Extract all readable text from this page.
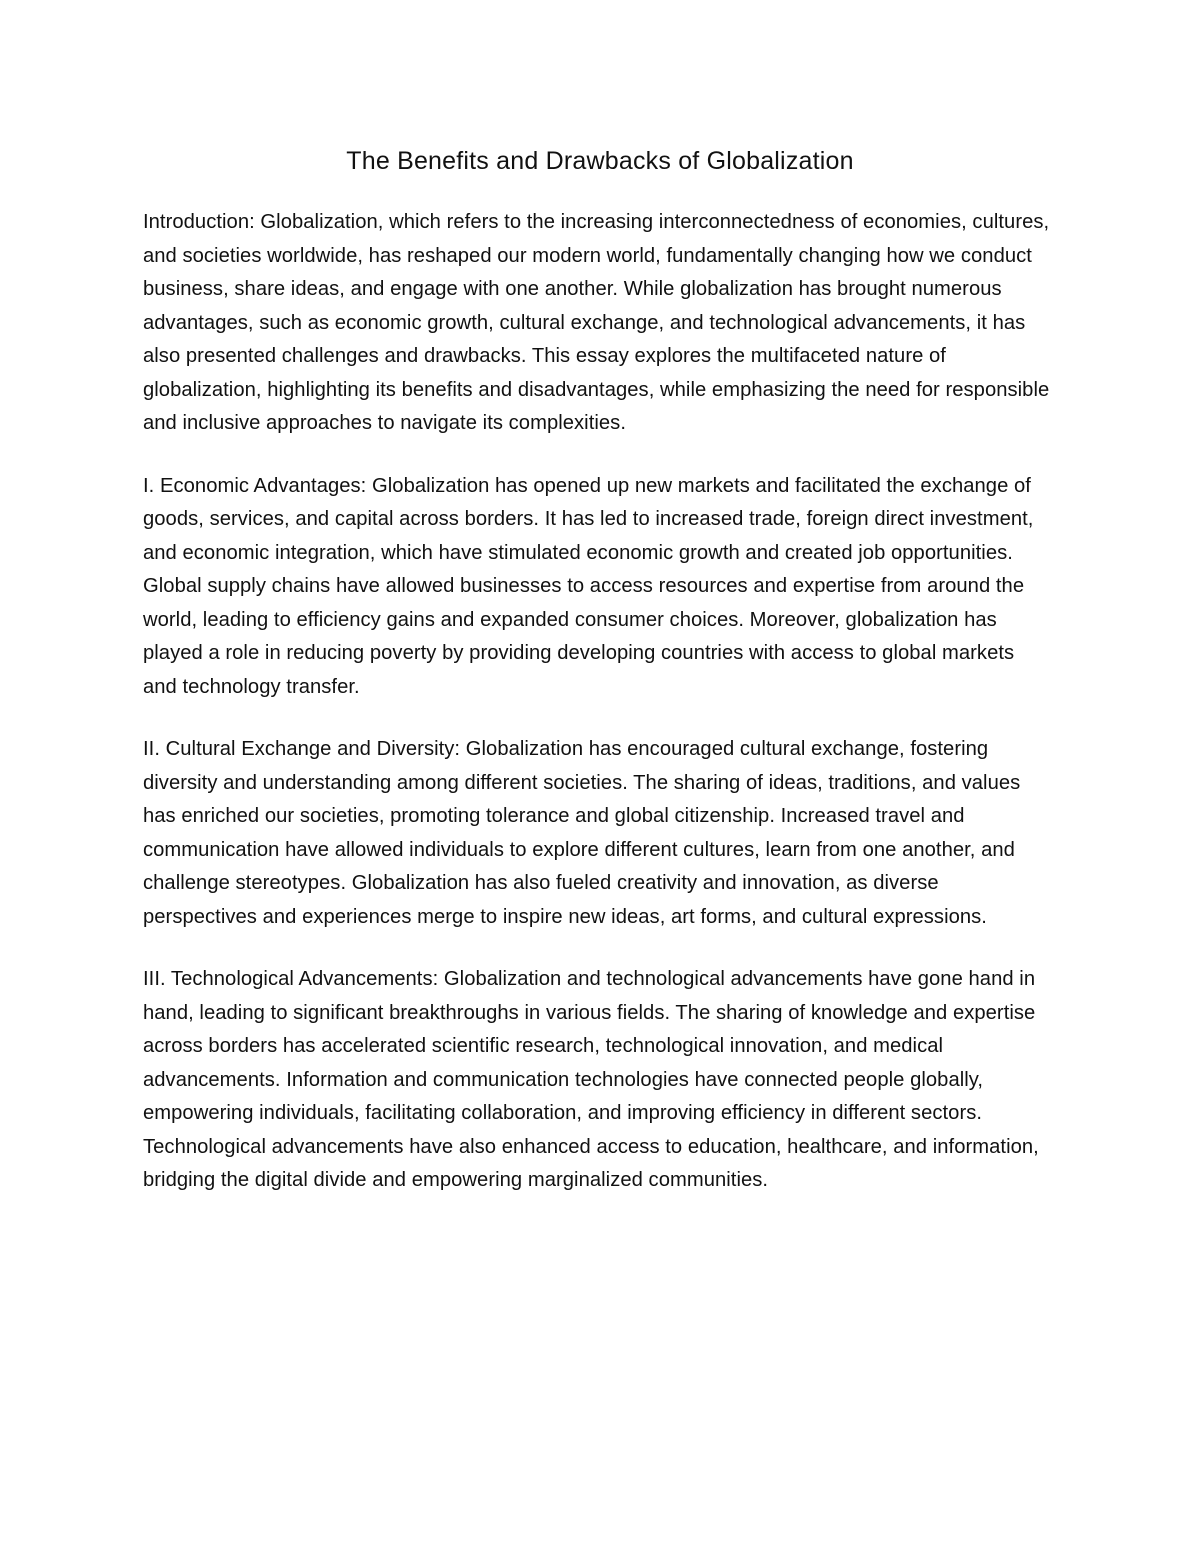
The Benefits and Drawbacks of Globalization

Introduction: Globalization, which refers to the increasing interconnectedness of economies, cultures, and societies worldwide, has reshaped our modern world, fundamentally changing how we conduct business, share ideas, and engage with one another. While globalization has brought numerous advantages, such as economic growth, cultural exchange, and technological advancements, it has also presented challenges and drawbacks. This essay explores the multifaceted nature of globalization, highlighting its benefits and disadvantages, while emphasizing the need for responsible and inclusive approaches to navigate its complexities.

I. Economic Advantages: Globalization has opened up new markets and facilitated the exchange of goods, services, and capital across borders. It has led to increased trade, foreign direct investment, and economic integration, which have stimulated economic growth and created job opportunities. Global supply chains have allowed businesses to access resources and expertise from around the world, leading to efficiency gains and expanded consumer choices. Moreover, globalization has played a role in reducing poverty by providing developing countries with access to global markets and technology transfer.

II. Cultural Exchange and Diversity: Globalization has encouraged cultural exchange, fostering diversity and understanding among different societies. The sharing of ideas, traditions, and values has enriched our societies, promoting tolerance and global citizenship. Increased travel and communication have allowed individuals to explore different cultures, learn from one another, and challenge stereotypes. Globalization has also fueled creativity and innovation, as diverse perspectives and experiences merge to inspire new ideas, art forms, and cultural expressions.

III. Technological Advancements: Globalization and technological advancements have gone hand in hand, leading to significant breakthroughs in various fields. The sharing of knowledge and expertise across borders has accelerated scientific research, technological innovation, and medical advancements. Information and communication technologies have connected people globally, empowering individuals, facilitating collaboration, and improving efficiency in different sectors. Technological advancements have also enhanced access to education, healthcare, and information, bridging the digital divide and empowering marginalized communities.
